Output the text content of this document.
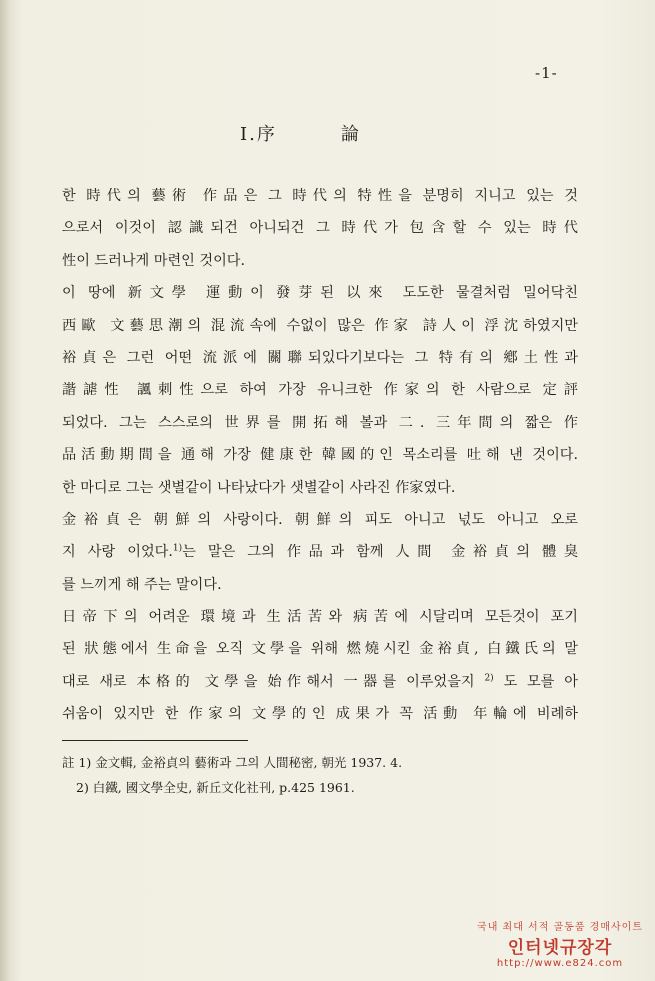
-1-
Ⅰ.序	論
한 時代의 藝術 作品은 그 時代의 特性을 분명히 지니고 있는 것
으로서 이것이 認識되건 아니되건 그 時代가 包含할 수 있는 時代
性이 드러나게 마련인 것이다.
이 땅에 新文學 運動이 發芽된 以來 도도한 물결처럼 밀어닥친
西歐 文藝思潮의 混流속에 수없이 많은 作家 詩人이 浮沈하였지만
裕貞은 그런 어떤 流派에 關聯되있다기보다는 그 特有의 鄕土性과
諧謔性 諷刺性으로 하여 가장 유니크한 作家의 한 사람으로 定評
되었다. 그는 스스로의 世界를 開拓해 볼과 二. 三年間의 짧은 作
品活動期間을 通해 가장 健康한 韓國的인 목소리를 吐해 낸 것이다.
한 마디로 그는 샛별같이 나타났다가 샛별같이 사라진 作家였다.
金裕貞은 朝鮮의 사랑이다. 朝鮮의 피도 아니고 넋도 아니고 오로
지 사랑 이었다.$^{1)}$는 말은 그의 作品과 함께 人間 金裕貞의 體臭
를 느끼게 해 주는 말이다.
日帝下의 어려운 環境과 生活苦와 病苦에 시달리며 모든것이 포기
된 狀態에서 生命을 오직 文學을 위해 燃燒시킨 金裕貞, 白鐵氏의 말
대로 새로 本格的 文學을 始作해서 一器를 이루었을지 $^{2)}$ 도 모를 아
쉬움이 있지만 한 作家의 文學的인 成果가 꼭 活動 年輪에 비례하
註 1) 金文輯, 金裕貞의 藝術과 그의 人間秘密, 朝光 1937. 4.
2) 白鐵, 國文學全史, 新丘文化社刊, p.425 1961.
국내 최대 서적 골동품 경매사이트
인터넷규장각
http://www.e824.com
